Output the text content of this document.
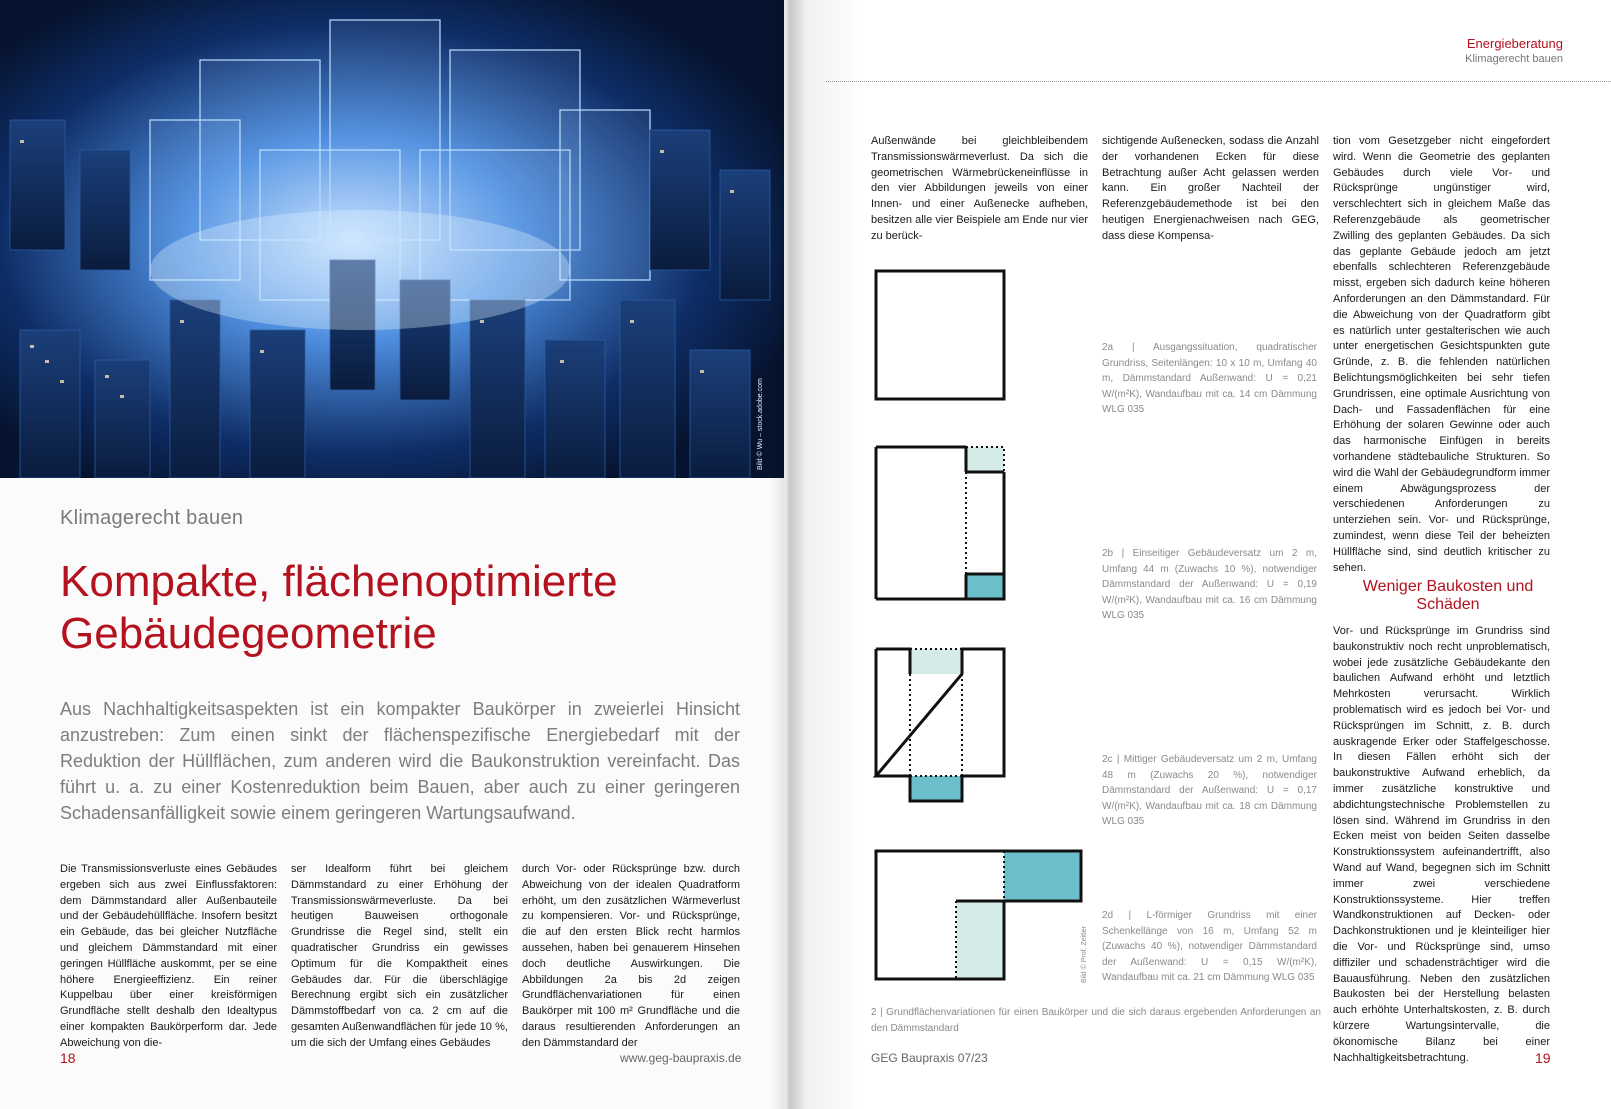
Bild © Wu – stock.adobe.com
Klimagerecht bauen
Kompakte, flächenoptimierte
Gebäudegeometrie
Aus Nachhaltigkeitsaspekten ist ein kompakter Baukörper in zweierlei Hinsicht anzustreben: Zum einen sinkt der flächenspezifische Energiebedarf mit der Reduktion der Hüllflächen, zum anderen wird die Baukonstruktion vereinfacht. Das führt u. a. zu einer Kostenreduktion beim Bauen, aber auch zu einer geringeren Schadensanfälligkeit sowie einem geringeren Wartungsaufwand.
Die Transmissionsverluste eines Gebäudes ergeben sich aus zwei Einflussfaktoren: dem Dämmstandard aller Außenbauteile und der Gebäudehüllfläche. Insofern besitzt ein Gebäude, das bei gleicher Nutzfläche und gleichem Dämmstandard mit einer geringen Hüllfläche auskommt, per se eine höhere Energieeffizienz. Ein reiner Kuppelbau über einer kreisförmigen Grundfläche stellt deshalb den Idealtypus einer kompakten Baukörperform dar. Jede Abweichung von die-
ser Idealform führt bei gleichem Dämmstandard zu einer Erhöhung der Transmissionswärmeverluste. Da bei heutigen Bauweisen orthogonale Grundrisse die Regel sind, stellt ein quadratischer Grundriss ein gewisses Optimum für die Kompaktheit eines Gebäudes dar. Für die überschlägige Berechnung ergibt sich ein zusätzlicher Dämmstoffbedarf von ca. 2 cm auf die gesamten Außenwandflächen für jede 10 %, um die sich der Umfang eines Gebäudes
durch Vor- oder Rücksprünge bzw. durch Abweichung von der idealen Quadratform erhöht, um den zusätzlichen Wärmeverlust zu kompensieren. Vor- und Rücksprünge, die auf den ersten Blick recht harmlos aussehen, haben bei genauerem Hinsehen doch deutliche Auswirkungen. Die Abbildungen 2a bis 2d zeigen Grundflächenvariationen für einen Baukörper mit 100 m² Grundfläche und die daraus resultierenden Anforderungen an den Dämmstandard der
18	www.geg-baupraxis.de
Energieberatung
Klimagerecht bauen
Außenwände bei gleichbleibendem Transmissionswärmeverlust. Da sich die geometrischen Wärmebrückeneinflüsse in den vier Abbildungen jeweils von einer Innen- und einer Außenecke aufheben, besitzen alle vier Beispiele am Ende nur vier zu berück-
sichtigende Außenecken, sodass die Anzahl der vorhandenen Ecken für diese Betrachtung außer Acht gelassen werden kann. Ein großer Nachteil der Referenzgebäudemethode ist bei den heutigen Energienachweisen nach GEG, dass diese Kompensa-
tion vom Gesetzgeber nicht eingefordert wird. Wenn die Geometrie des geplanten Gebäudes durch viele Vor- und Rücksprünge ungünstiger wird, verschlechtert sich in gleichem Maße das Referenzgebäude als geometrischer Zwilling des geplanten Gebäudes. Da sich das geplante Gebäude jedoch am jetzt ebenfalls schlechteren Referenzgebäude misst, ergeben sich dadurch keine höheren Anforderungen an den Dämmstandard. Für die Abweichung von der Quadratform gibt es natürlich unter gestalterischen wie auch unter energetischen Gesichtspunkten gute Gründe, z. B. die fehlenden natürlichen Belichtungsmöglichkeiten bei sehr tiefen Grundrissen, eine optimale Ausrichtung von Dach- und Fassadenflächen für eine Erhöhung der solaren Gewinne oder auch das harmonische Einfügen in bereits vorhandene städtebauliche Strukturen. So wird die Wahl der Gebäudegrundform immer einem Abwägungsprozess der verschiedenen Anforderungen zu unterziehen sein. Vor- und Rücksprünge, zumindest, wenn diese Teil der beheizten Hüllfläche sind, sind deutlich kritischer zu sehen.
Weniger Baukosten und Schäden
Vor- und Rücksprünge im Grundriss sind baukonstruktiv noch recht unproblematisch, wobei jede zusätzliche Gebäudekante den baulichen Aufwand erhöht und letztlich Mehrkosten verursacht. Wirklich problematisch wird es jedoch bei Vor- und Rücksprüngen im Schnitt, z. B. durch auskragende Erker oder Staffelgeschosse. In diesen Fällen erhöht sich der baukonstruktive Aufwand erheblich, da immer zusätzliche konstruktive und abdichtungstechnische Problemstellen zu lösen sind. Während im Grundriss in den Ecken meist von beiden Seiten dasselbe Konstruktionssystem aufeinandertrifft, also Wand auf Wand, begegnen sich im Schnitt immer zwei verschiedene Konstruktionssysteme. Hier treffen Wandkonstruktionen auf Decken- oder Dachkonstruktionen und je kleinteiliger hier die Vor- und Rücksprünge sind, umso diffiziler und schadensträchtiger wird die Bauausführung. Neben den zusätzlichen Baukosten bei der Herstellung belasten auch erhöhte Unterhaltskosten, z. B. durch kürzere Wartungsintervalle, die ökonomische Bilanz bei einer Nachhaltigkeitsbetrachtung.
2a | Ausgangssituation, quadratischer Grundriss, Seitenlängen: 10 x 10 m, Umfang 40 m, Dämmstandard Außenwand: U = 0,21 W/(m²K), Wandaufbau mit ca. 14 cm Dämmung WLG 035
2b | Einseitiger Gebäudeversatz um 2 m, Umfang 44 m (Zuwachs 10 %), notwendiger Dämmstandard der Außenwand: U = 0,19 W/(m²K), Wandaufbau mit ca. 16 cm Dämmung WLG 035
2c | Mittiger Gebäudeversatz um 2 m, Umfang 48 m (Zuwachs 20 %), notwendiger Dämmstandard der Außenwand: U = 0,17 W/(m²K), Wandaufbau mit ca. 18 cm Dämmung WLG 035
2d | L-förmiger Grundriss mit einer Schenkellänge von 16 m, Umfang 52 m (Zuwachs 40 %), notwendiger Dämmstandard der Außenwand: U = 0,15 W/(m²K), Wandaufbau mit ca. 21 cm Dämmung WLG 035
Bild © Prof. Zeitler
2 | Grundflächenvariationen für einen Baukörper und die sich daraus ergebenden Anforderungen an den Dämmstandard
GEG Baupraxis 07/23	19
